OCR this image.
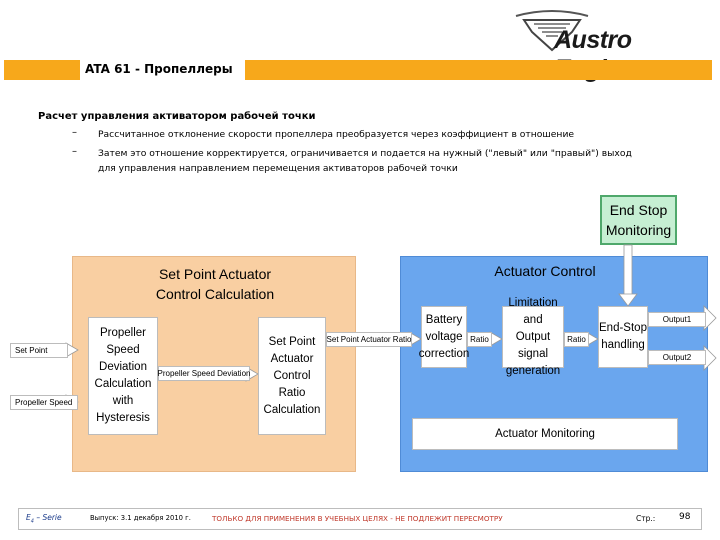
Austro
ATA 61 - Пропеллеры
Расчет управления активатором рабочей точки
– Рассчитанное отклонение скорости пропеллера преобразуется через коэффициент в отношение
– Затем это отношение корректируется, ограничивается и подается на нужный ("левый" или "правый") выход
для управления направлением перемещения активаторов рабочей точки
Set Point Actuator
Control Calculation
Actuator Control
End Stop
Monitoring
Set Point
Propeller Speed
Propeller
Speed
Deviation
Calculation
with
Hysteresis
Propeller Speed Deviation
Set Point
Actuator
Control Ratio
Calculation
Set Point Actuator Ratio
Battery
voltage
correction
Ratio
Limitation and
Output signal
generation
Ratio
End-Stop
handling
Output1
Output2
Actuator Monitoring
$E_4$ – Serie	Выпуск: 3.1 декабря 2010 г.	ТОЛЬКО ДЛЯ ПРИМЕНЕНИЯ В УЧЕБНЫХ ЦЕЛЯХ - НЕ ПОДЛЕЖИТ ПЕРЕСМОТРУ	Стр.:	98
